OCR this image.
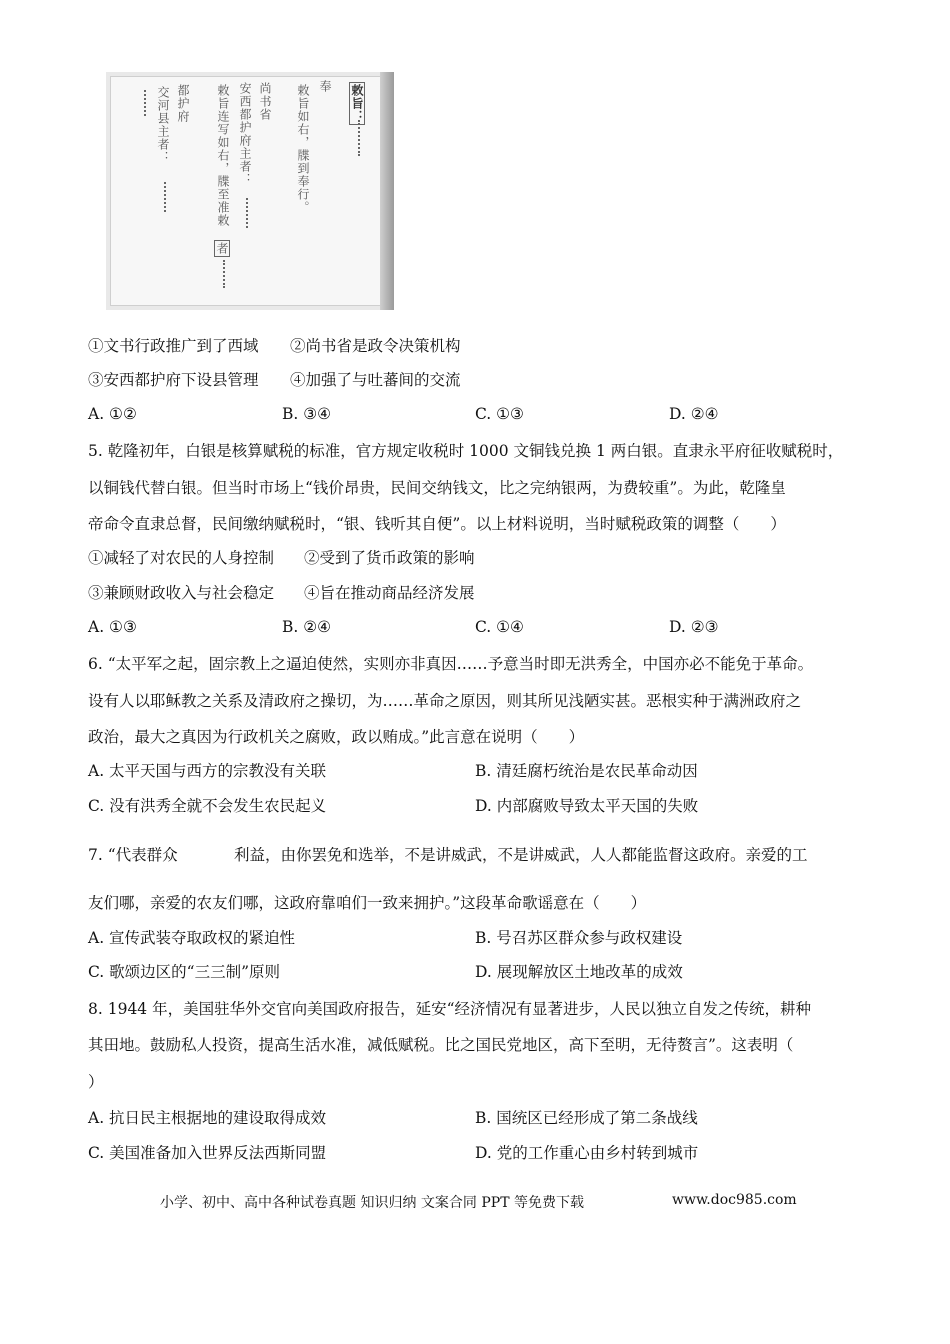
敕旨：
奉
敕旨如右，牒到奉行。
尚书省
安西都护府主者：
敕旨连写如右，牒至准敕
者
都护府
交河县主者：
①文书行政推广到了西域 ②尚书省是政令决策机构
③安西都护府下设县管理 ④加强了与吐蕃间的交流
A. ①②	B. ③④	C. ①③	D. ②④
5. 乾隆初年，白银是核算赋税的标准，官方规定收税时 1000 文铜钱兑换 1 两白银。直隶永平府征收赋税时，
以铜钱代替白银。但当时市场上“钱价昂贵，民间交纳钱文，比之完纳银两，为费较重”。为此，乾隆皇
帝命令直隶总督，民间缴纳赋税时，“银、钱听其自便”。以上材料说明，当时赋税政策的调整（　　）
①减轻了对农民的人身控制 ②受到了货币政策的影响
③兼顾财政收入与社会稳定 ④旨在推动商品经济发展
A. ①③	B. ②④	C. ①④	D. ②③
6. “太平军之起，固宗教上之逼迫使然，实则亦非真因……予意当时即无洪秀全，中国亦必不能免于革命。
设有人以耶稣教之关系及清政府之操切，为……革命之原因，则其所见浅陋实甚。恶根实种于满洲政府之
政治，最大之真因为行政机关之腐败，政以贿成。”此言意在说明（　　）
A. 太平天国与西方的宗教没有关联	B. 清廷腐朽统治是农民革命动因
C. 没有洪秀全就不会发生农民起义	D. 内部腐败导致太平天国的失败
7. “代表群众	利益，由你罢免和选举，不是讲威武，不是讲威武，人人都能监督这政府。亲爱的工
友们哪，亲爱的农友们哪，这政府靠咱们一致来拥护。”这段革命歌谣意在（　　）
A. 宣传武装夺取政权的紧迫性	B. 号召苏区群众参与政权建设
C. 歌颂边区的“三三制”原则	D. 展现解放区土地改革的成效
8. 1944 年，美国驻华外交官向美国政府报告，延安“经济情况有显著进步，人民以独立自发之传统，耕种
其田地。鼓励私人投资，提高生活水准，减低赋税。比之国民党地区，高下至明，无待赘言”。这表明（
）
A. 抗日民主根据地的建设取得成效	B. 国统区已经形成了第二条战线
C. 美国准备加入世界反法西斯同盟	D. 党的工作重心由乡村转到城市
小学、初中、高中各种试卷真题 知识归纳 文案合同 PPT 等免费下载	www.doc985.com
